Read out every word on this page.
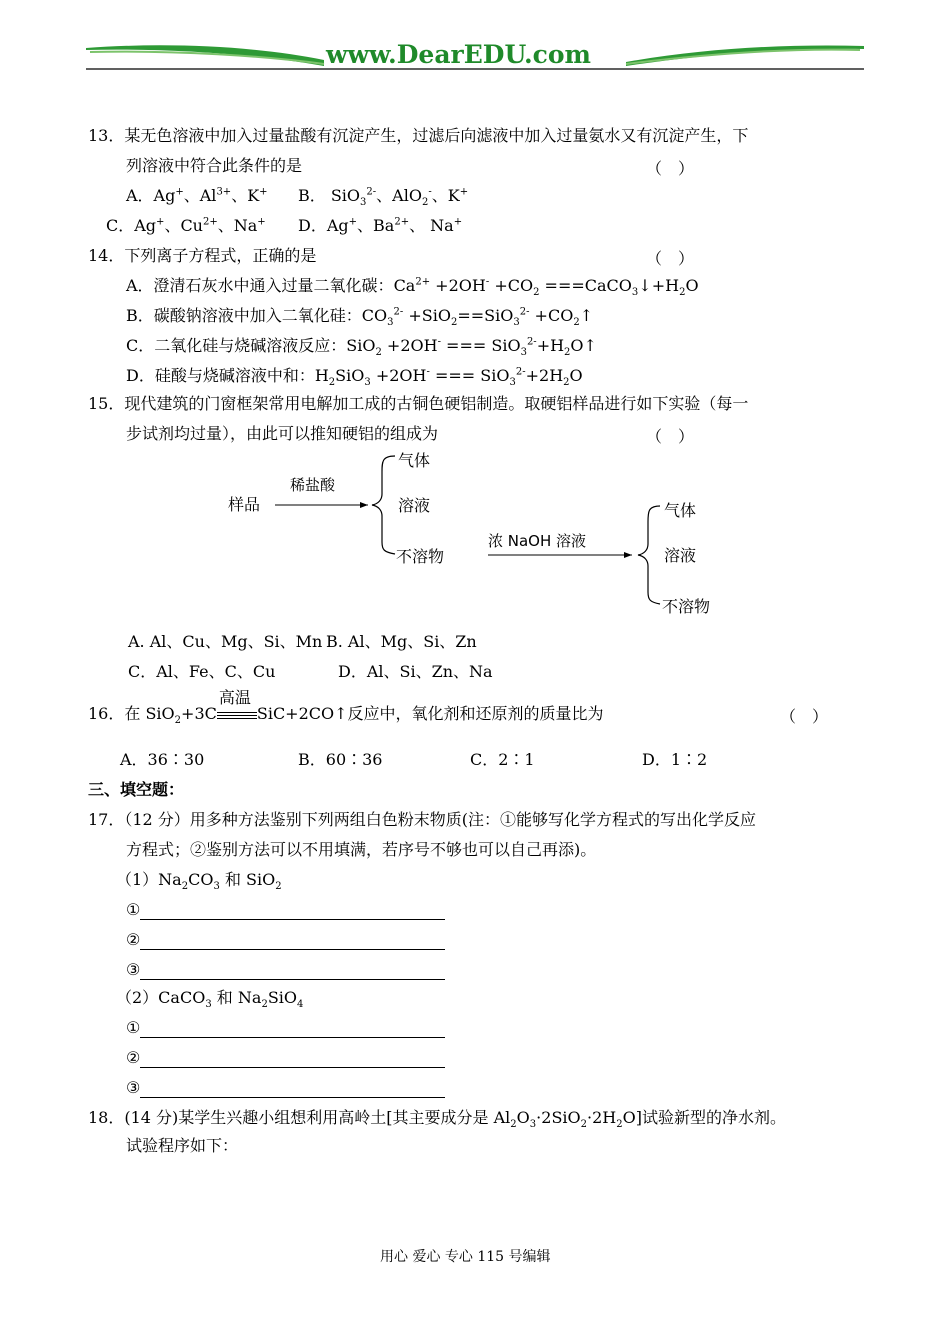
www.DearEDU.com
13．某无色溶液中加入过量盐酸有沉淀产生，过滤后向滤液中加入过量氨水又有沉淀产生，下
列溶液中符合此条件的是	（　）
A．Ag+、$Al^{3+}$、K+ B． SiO$_3^{2-}$、AlO$_2$-、K+
C．Ag+、$Cu^{2+}$、Na+ D．Ag+、$Ba^{2+}$、 Na+
14．下列离子方程式，正确的是	（　）
A．澄清石灰水中通入过量二氧化碳：$Ca^{2+} +2OH^- +CO_2$ $===CaCO_3↓+H_2O$
B．碳酸钠溶液中加入二氧化硅：$CO_3^{2-} +SiO_2==SiO_3^{2-}$ $+CO_2↑$
C．二氧化硅与烧碱溶液反应：SiO$_2$ +2OH- === $SiO_3^{2-}+H_2O↑$
D．硅酸与烧碱溶液中和：$H_2SiO_3 +2OH^-$ === $SiO_3^{2-}+2H_2O$
15．现代建筑的门窗框架常用电解加工成的古铜色硬铝制造。取硬铝样品进行如下实验（每一
步试剂均过量），由此可以推知硬铝的组成为	（　）
样品
稀盐酸
气体
溶液
不溶物
浓 NaOH 溶液
气体
溶液
不溶物
A. Al、Cu、Mg、Si、Mn B. Al、Mg、Si、Zn
C．Al、Fe、C、Cu	D．Al、Si、Zn、Na
16．在 SiO$_2$+3C
高温
SiC+2CO↑反应中，氧化剂和还原剂的质量比为	（　）
A．36∶30	B．60∶36	C．2∶1	D．1∶2
三、填空题：
17．（12 分）用多种方法鉴别下列两组白色粉末物质(注：①能够写化学方程式的写出化学反应
方程式；②鉴别方法可以不用填满，若序号不够也可以自己再添)。
$(1)Na_2CO_3$ 和 SiO$_2$
①
②
③
（2）CaCO$_3$ 和 $Na_2SiO_4$
①
②
③
18．(14 分)某学生兴趣小组想利用高岭土[其主要成分是 $Al_2O_3\cdot 2SiO_2\cdot 2H_2O$]试验新型的净水剂。
试验程序如下：
用心 爱心 专心 115 号编辑
